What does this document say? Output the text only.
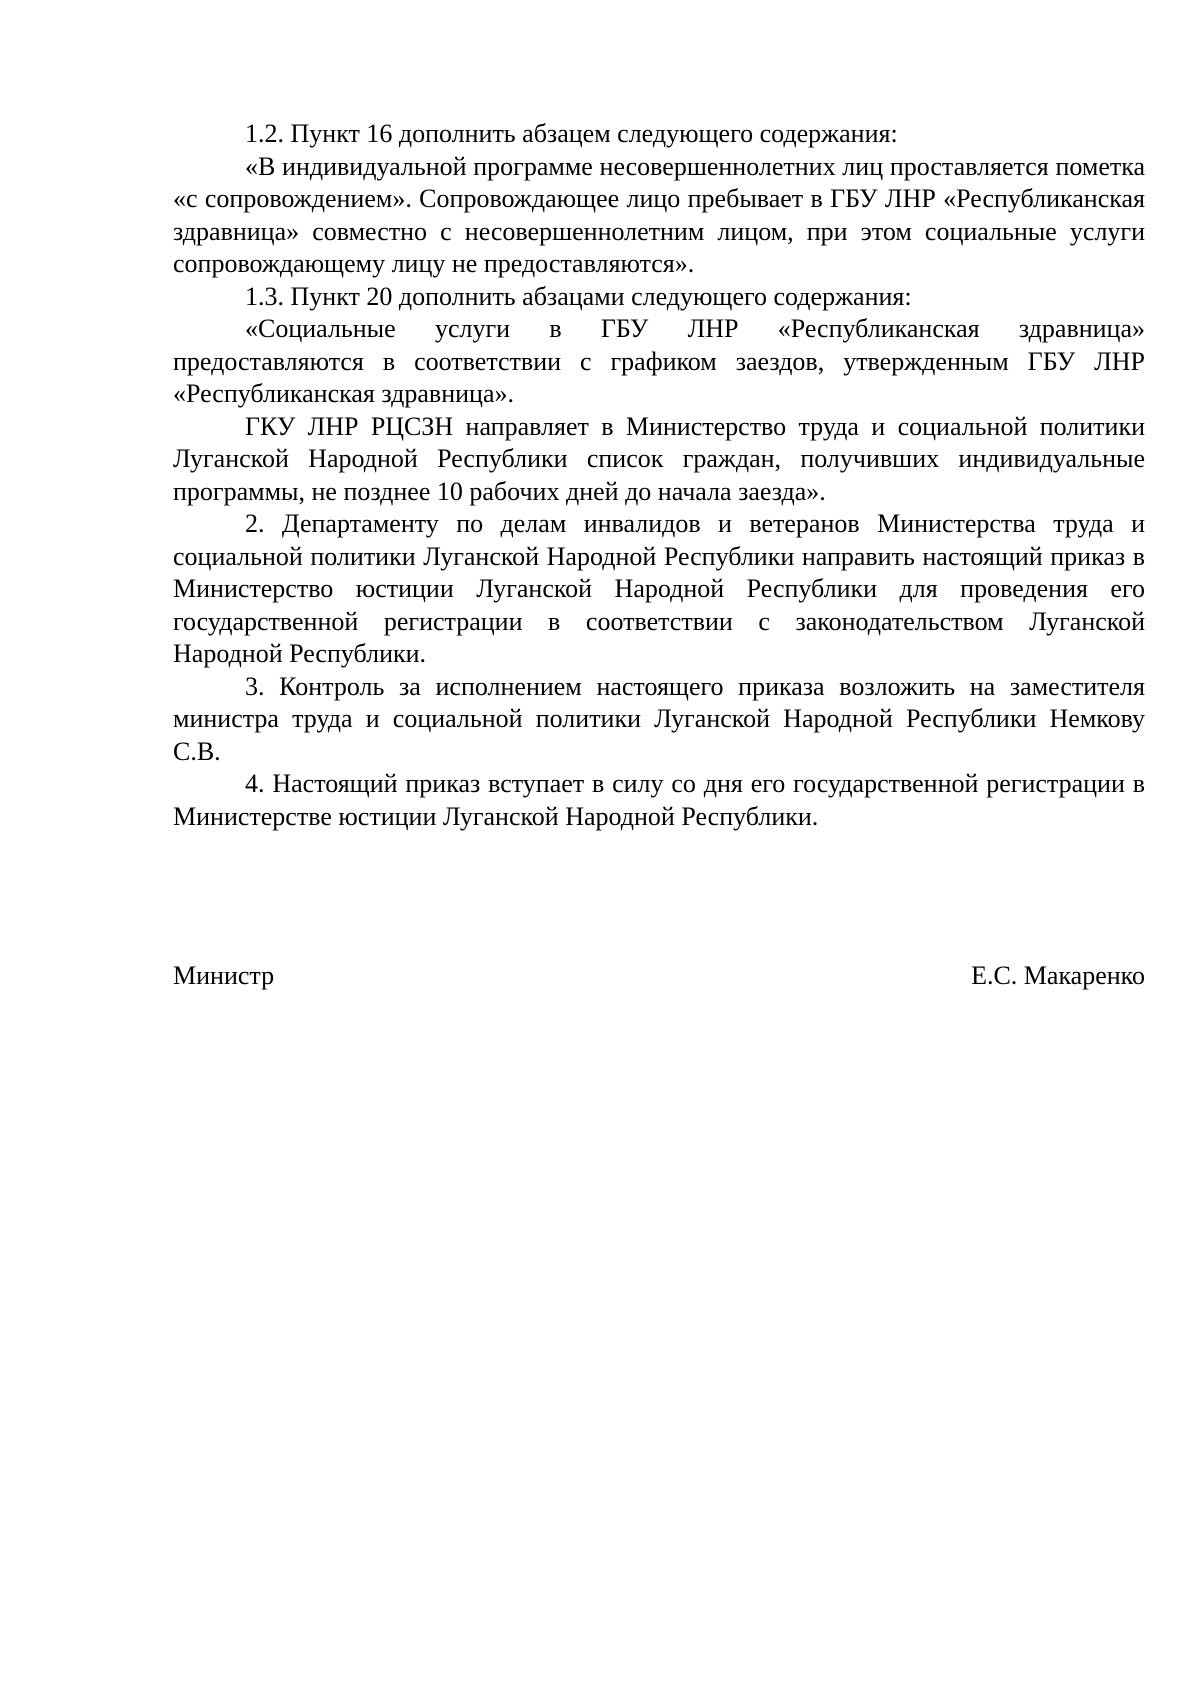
1.2. Пункт 16 дополнить абзацем следующего содержания:

«В индивидуальной программе несовершеннолетних лиц проставляется пометка «с сопровождением». Сопровождающее лицо пребывает в ГБУ ЛНР «Республиканская здравница» совместно с несовершеннолетним лицом, при этом социальные услуги сопровождающему лицу не предоставляются».

1.3. Пункт 20 дополнить абзацами следующего содержания:

«Социальные услуги в ГБУ ЛНР «Республиканская здравница» предоставляются в соответствии с графиком заездов, утвержденным ГБУ ЛНР «Республиканская здравница».

ГКУ ЛНР РЦСЗН направляет в Министерство труда и социальной политики Луганской Народной Республики список граждан, получивших индивидуальные программы, не позднее 10 рабочих дней до начала заезда».

2. Департаменту по делам инвалидов и ветеранов Министерства труда и социальной политики Луганской Народной Республики направить настоящий приказ в Министерство юстиции Луганской Народной Республики для проведения его государственной регистрации в соответствии с законодательством Луганской Народной Республики.

3. Контроль за исполнением настоящего приказа возложить на заместителя министра труда и социальной политики Луганской Народной Республики Немкову С.В.

4. Настоящий приказ вступает в силу со дня его государственной регистрации в Министерстве юстиции Луганской Народной Республики.

Министр	Е.С. Макаренко
